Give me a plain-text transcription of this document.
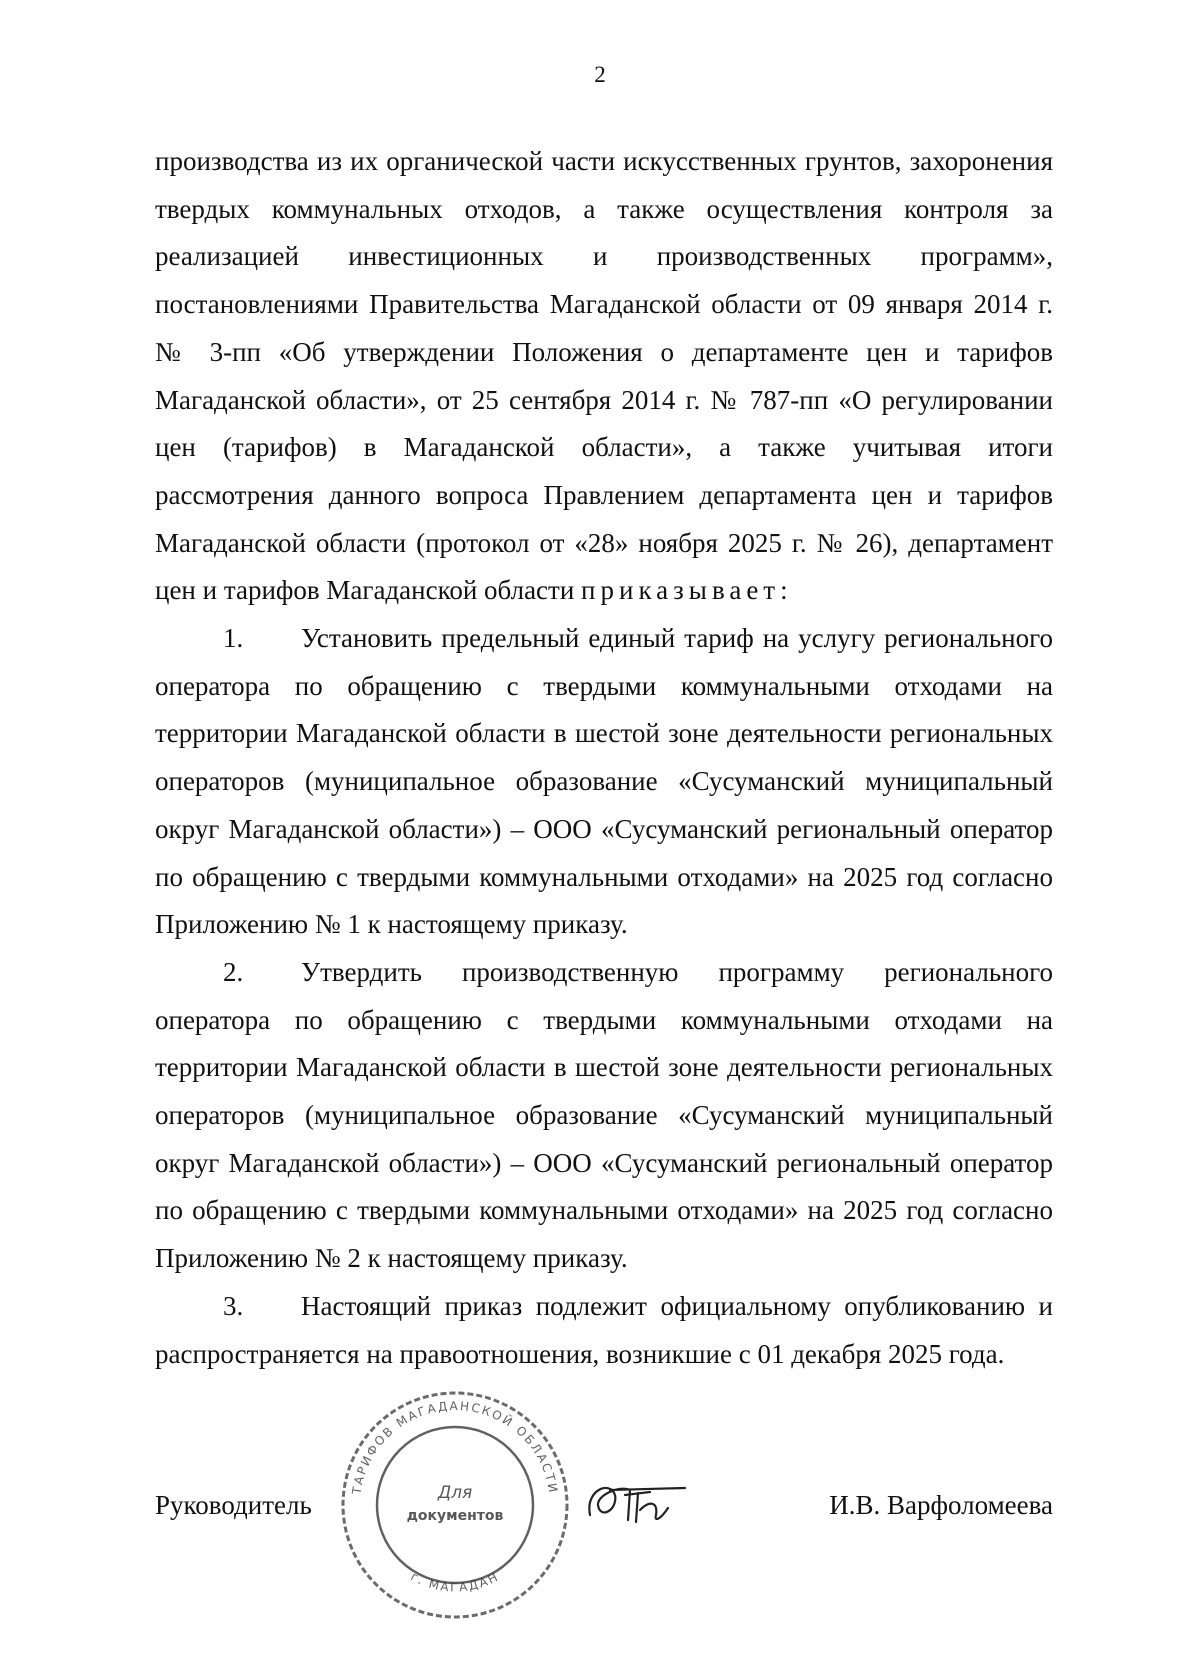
2

производства из их органической части искусственных грунтов, захоронения твердых коммунальных отходов, а также осуществления контроля за реализацией инвестиционных и производственных программ», постановлениями Правительства Магаданской области от 09 января 2014 г. № 3-пп «Об утверждении Положения о департаменте цен и тарифов Магаданской области», от 25 сентября 2014 г. № 787-пп «О регулировании цен (тарифов) в Магаданской области», а также учитывая итоги рассмотрения данного вопроса Правлением департамента цен и тарифов Магаданской области (протокол от «28» ноября 2025 г. № 26), департамент цен и тарифов Магаданской области приказывает:

1. Установить предельный единый тариф на услугу регионального оператора по обращению с твердыми коммунальными отходами на территории Магаданской области в шестой зоне деятельности региональных операторов (муниципальное образование «Сусуманский муниципальный округ Магаданской области») – ООО «Сусуманский региональный оператор по обращению с твердыми коммунальными отходами» на 2025 год согласно Приложению № 1 к настоящему приказу.

2. Утвердить производственную программу регионального оператора по обращению с твердыми коммунальными отходами на территории Магаданской области в шестой зоне деятельности региональных операторов (муниципальное образование «Сусуманский муниципальный округ Магаданской области») – ООО «Сусуманский региональный оператор по обращению с твердыми коммунальными отходами» на 2025 год согласно Приложению № 2 к настоящему приказу.

3. Настоящий приказ подлежит официальному опубликованию и распространяется на правоотношения, возникшие с 01 декабря 2025 года.

Руководитель	И.В. Варфоломеева
ТАРИФОВ МАГАДАНСКОЙ ОБЛАСТИ
г. МАГАДАН
Для
документов
